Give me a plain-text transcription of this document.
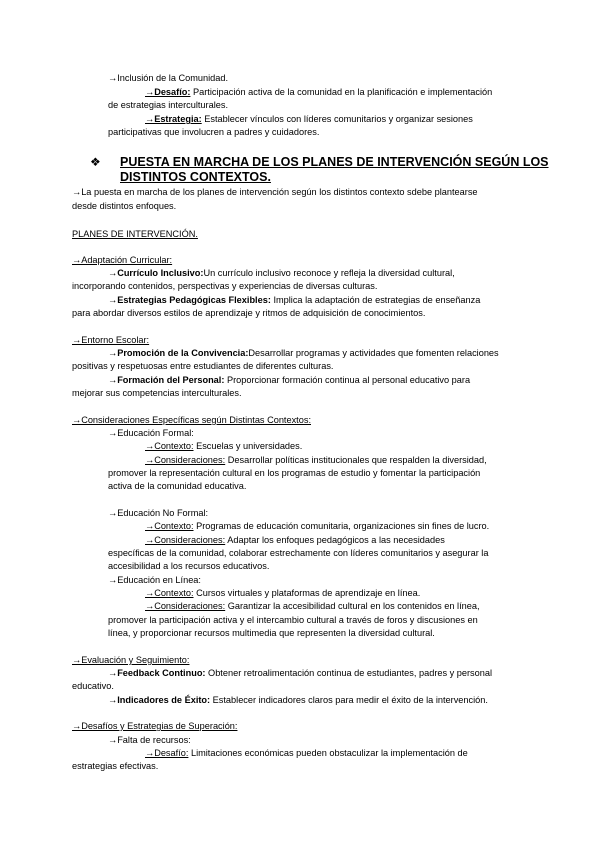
→Inclusión de la Comunidad.
→Desafío: Participación activa de la comunidad en la planificación e implementación
de estrategias interculturales.
→Estrategia: Establecer vínculos con líderes comunitarios y organizar sesiones
participativas que involucren a padres y cuidadores.
❖ PUESTA EN MARCHA DE LOS PLANES DE INTERVENCIÓN SEGÚN LOS DISTINTOS CONTEXTOS.
→La puesta en marcha de los planes de intervención según los distintos contexto sdebe plantearse
desde distintos enfoques.
PLANES DE INTERVENCIÓN.
→Adaptación Curricular:
→Currículo Inclusivo:Un currículo inclusivo reconoce y refleja la diversidad cultural,
incorporando contenidos, perspectivas y experiencias de diversas culturas.
→Estrategias Pedagógicas Flexibles: Implica la adaptación de estrategias de enseñanza
para abordar diversos estilos de aprendizaje y ritmos de adquisición de conocimientos.
→Entorno Escolar:
→Promoción de la Convivencia:Desarrollar programas y actividades que fomenten relaciones
positivas y respetuosas entre estudiantes de diferentes culturas.
→Formación del Personal: Proporcionar formación continua al personal educativo para
mejorar sus competencias interculturales.
→Consideraciones Específicas según Distintas Contextos:
→Educación Formal:
→Contexto: Escuelas y universidades.
→Consideraciones: Desarrollar políticas institucionales que respalden la diversidad,
promover la representación cultural en los programas de estudio y fomentar la participación
activa de la comunidad educativa.
→Educación No Formal:
→Contexto: Programas de educación comunitaria, organizaciones sin fines de lucro.
→Consideraciones: Adaptar los enfoques pedagógicos a las necesidades
específicas de la comunidad, colaborar estrechamente con líderes comunitarios y asegurar la
accesibilidad a los recursos educativos.
→Educación en Línea:
→Contexto: Cursos virtuales y plataformas de aprendizaje en línea.
→Consideraciones: Garantizar la accesibilidad cultural en los contenidos en línea,
promover la participación activa y el intercambio cultural a través de foros y discusiones en
línea, y proporcionar recursos multimedia que representen la diversidad cultural.
→Evaluación y Seguimiento:
→Feedback Continuo: Obtener retroalimentación continua de estudiantes, padres y personal
educativo.
→Indicadores de Éxito: Establecer indicadores claros para medir el éxito de la intervención.
→Desafíos y Estrategias de Superación:
→Falta de recursos:
→Desafío: Limitaciones económicas pueden obstaculizar la implementación de
estrategias efectivas.
